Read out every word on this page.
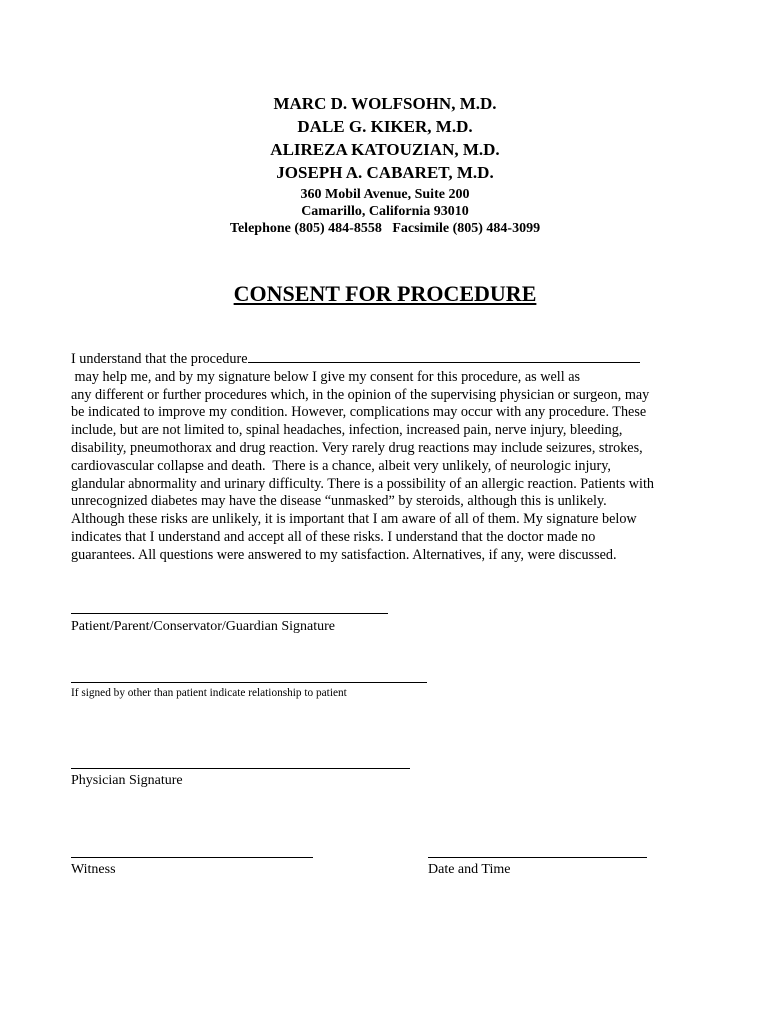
MARC D. WOLFSOHN, M.D.
DALE G. KIKER, M.D.
ALIREZA KATOUZIAN, M.D.
JOSEPH A. CABARET, M.D.
360 Mobil Avenue, Suite 200
Camarillo, California 93010
Telephone (805) 484-8558   Facsimile (805) 484-3099
CONSENT FOR PROCEDURE
I understand that the procedure
may help me, and by my signature below I give my consent for this procedure, as well as
any different or further procedures which, in the opinion of the supervising physician or surgeon, may
be indicated to improve my condition. However, complications may occur with any procedure. These
include, but are not limited to, spinal headaches, infection, increased pain, nerve injury, bleeding,
disability, pneumothorax and drug reaction. Very rarely drug reactions may include seizures, strokes,
cardiovascular collapse and death.  There is a chance, albeit very unlikely, of neurologic injury,
glandular abnormality and urinary difficulty. There is a possibility of an allergic reaction. Patients with
unrecognized diabetes may have the disease “unmasked” by steroids, although this is unlikely.
Although these risks are unlikely, it is important that I am aware of all of them. My signature below
indicates that I understand and accept all of these risks. I understand that the doctor made no
guarantees. All questions were answered to my satisfaction. Alternatives, if any, were discussed.
Patient/Parent/Conservator/Guardian Signature
If signed by other than patient indicate relationship to patient
Physician Signature
Witness	Date and Time
